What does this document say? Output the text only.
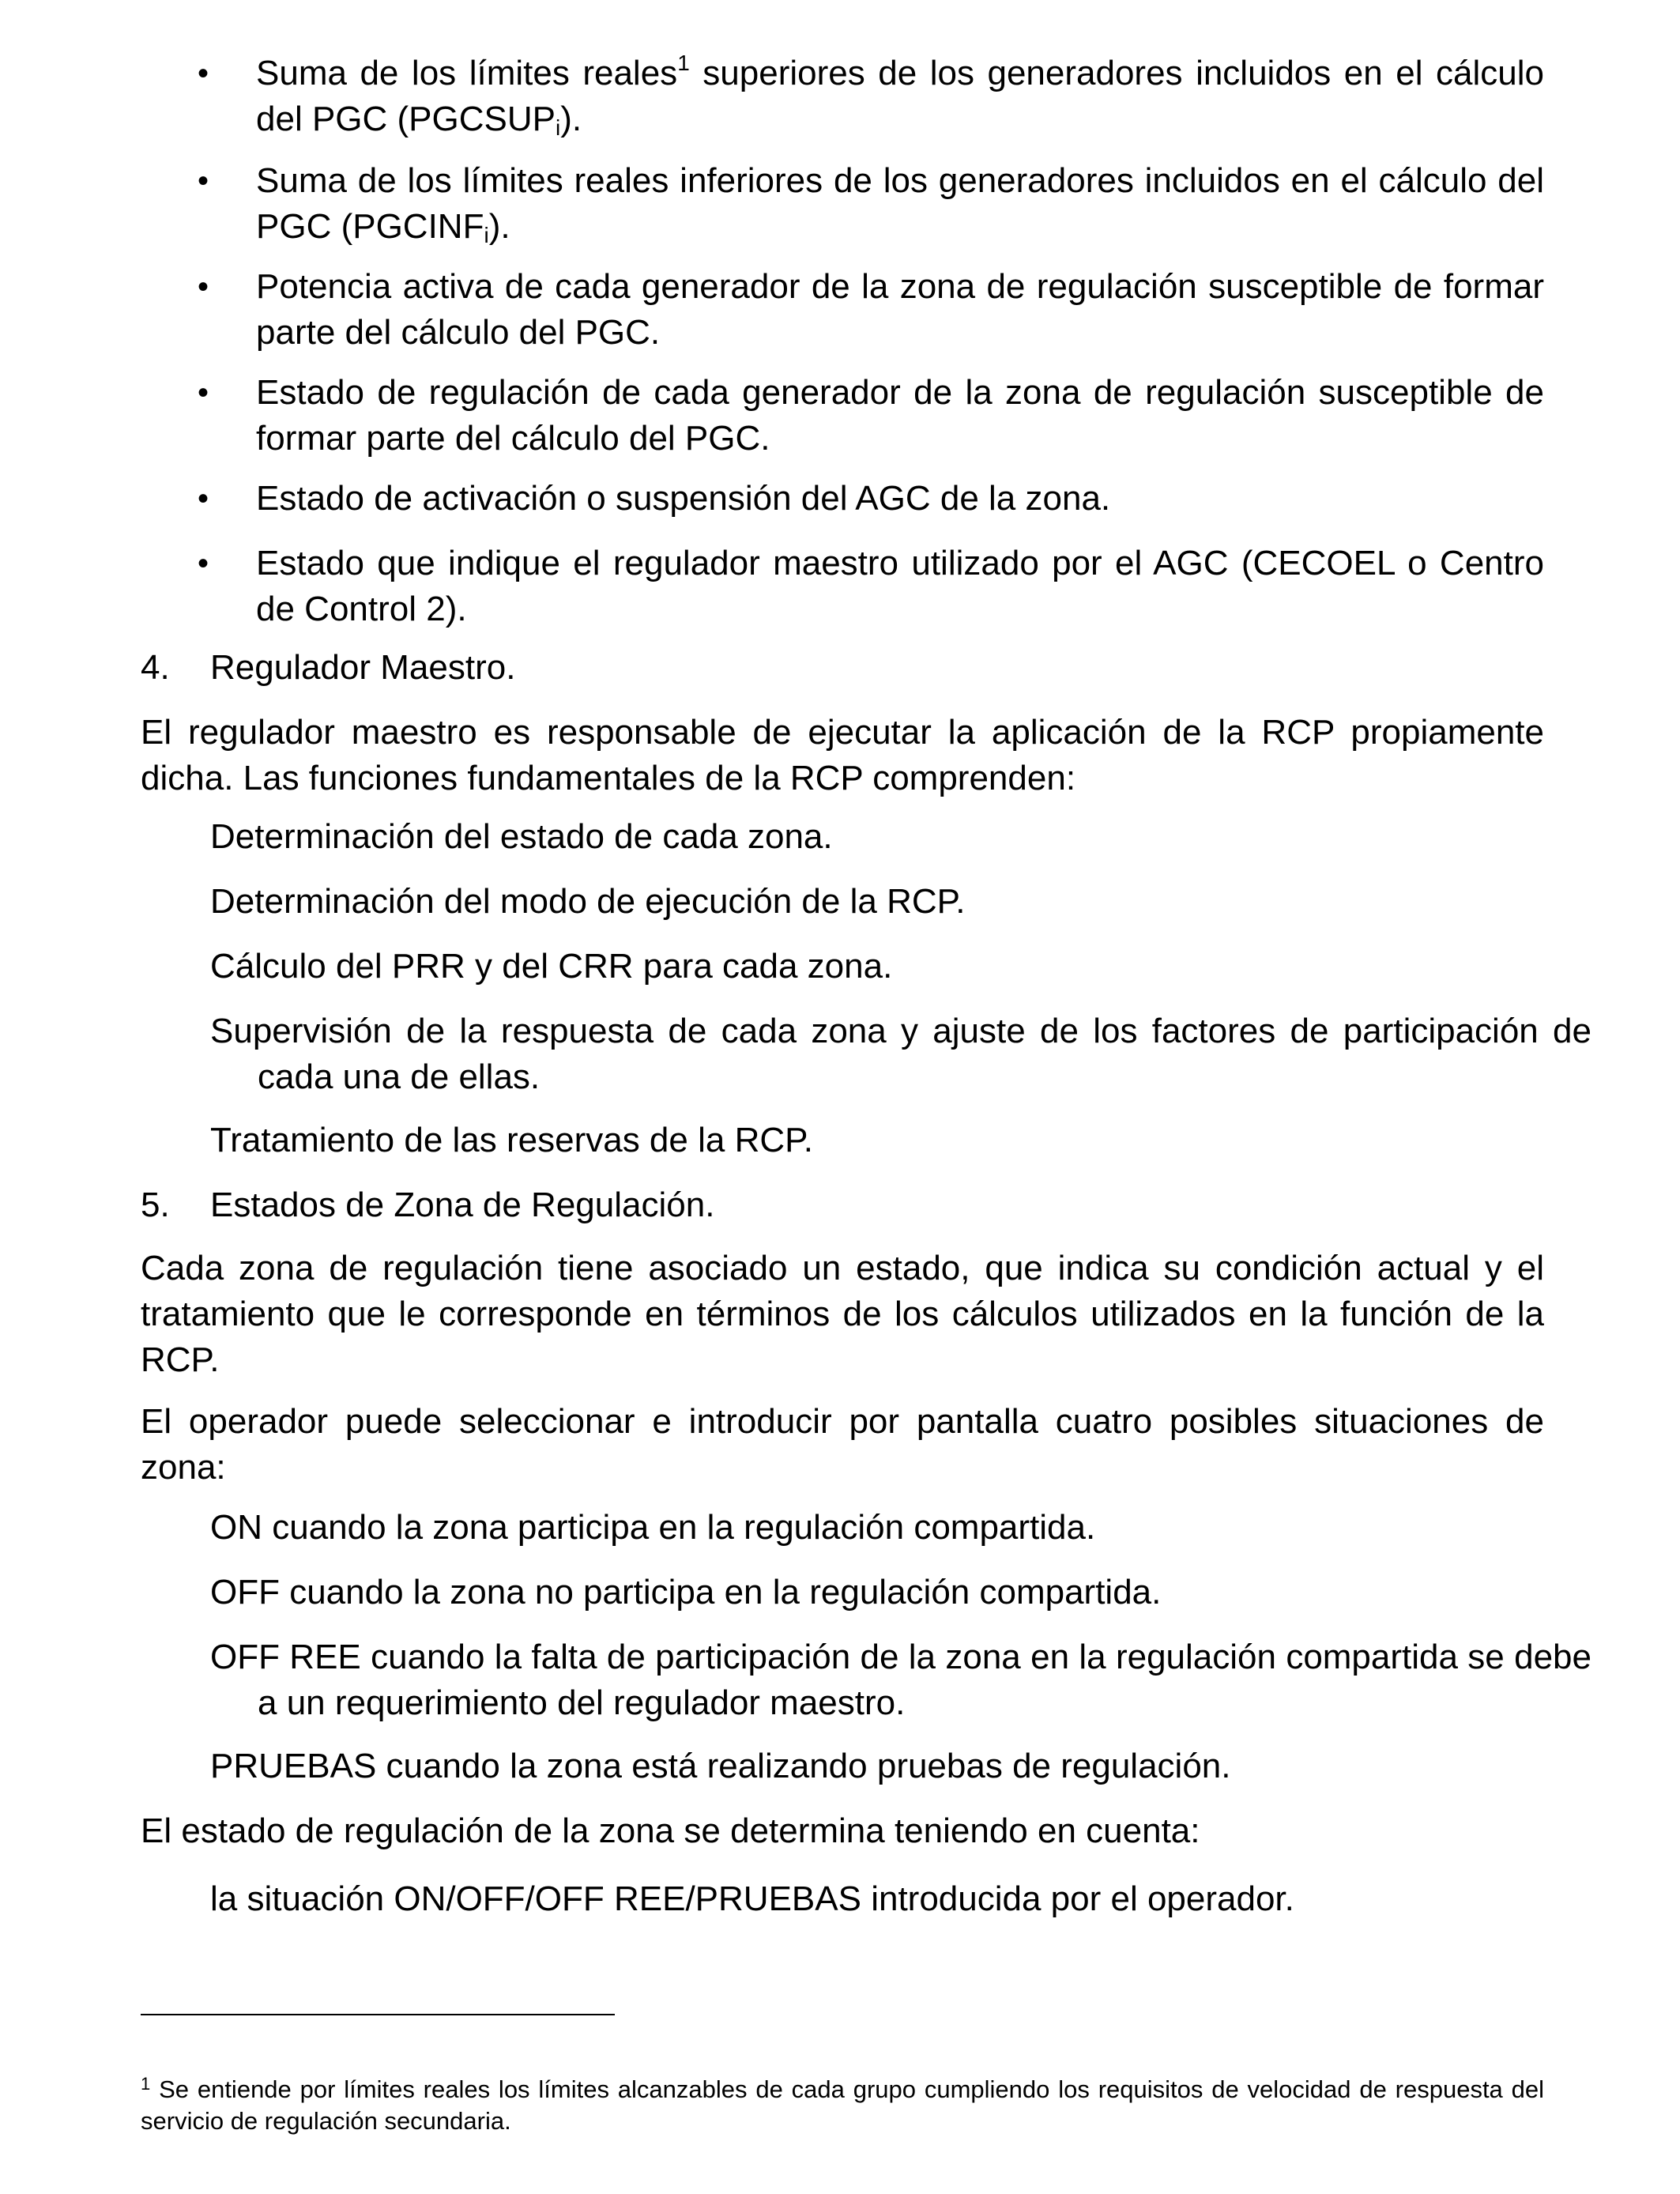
• Suma de los límites reales$^1$ superiores de los generadores incluidos en el cálculo del PGC $(PGCSUP_i)$.

• Suma de los límites reales inferiores de los generadores incluidos en el cálculo del PGC $(PGCINF_i)$.

• Potencia activa de cada generador de la zona de regulación susceptible de formar parte del cálculo del PGC.

• Estado de regulación de cada generador de la zona de regulación susceptible de formar parte del cálculo del PGC.

• Estado de activación o suspensión del AGC de la zona.

• Estado que indique el regulador maestro utilizado por el AGC (CECOEL o Centro de Control 2).

4. Regulador Maestro.

El regulador maestro es responsable de ejecutar la aplicación de la RCP propiamente dicha. Las funciones fundamentales de la RCP comprenden:

Determinación del estado de cada zona.

Determinación del modo de ejecución de la RCP.

Cálculo del PRR y del CRR para cada zona.

Supervisión de la respuesta de cada zona y ajuste de los factores de participación de cada una de ellas.

Tratamiento de las reservas de la RCP.

5. Estados de Zona de Regulación.

Cada zona de regulación tiene asociado un estado, que indica su condición actual y el tratamiento que le corresponde en términos de los cálculos utilizados en la función de la RCP.

El operador puede seleccionar e introducir por pantalla cuatro posibles situaciones de zona:

ON cuando la zona participa en la regulación compartida.

OFF cuando la zona no participa en la regulación compartida.

OFF REE cuando la falta de participación de la zona en la regulación compartida se debe a un requerimiento del regulador maestro.

PRUEBAS cuando la zona está realizando pruebas de regulación.

El estado de regulación de la zona se determina teniendo en cuenta:

la situación ON/OFF/OFF REE/PRUEBAS introducida por el operador.

$^1$ Se entiende por límites reales los límites alcanzables de cada grupo cumpliendo los requisitos de velocidad de respuesta del servicio de regulación secundaria.
